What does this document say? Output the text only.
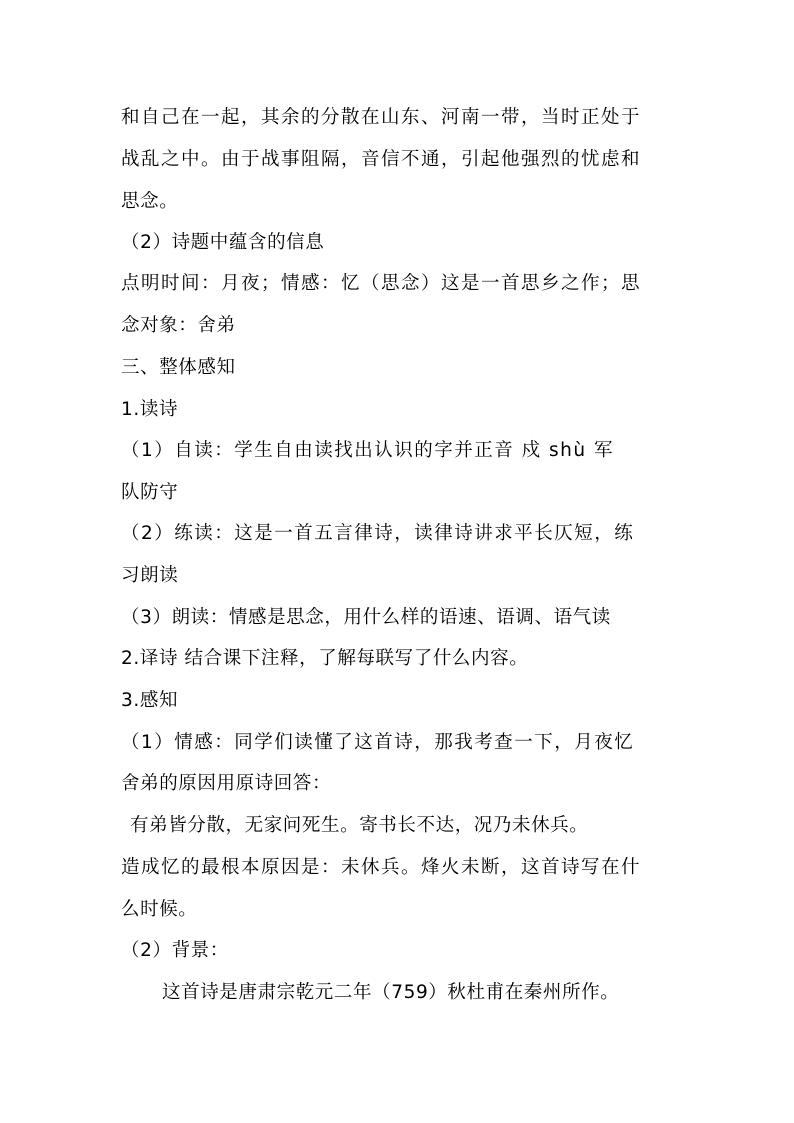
和自己在一起，其余的分散在山东、河南一带，当时正处于
战乱之中。由于战事阻隔，音信不通，引起他强烈的忧虑和
思念。
（2）诗题中蕴含的信息
点明时间：月夜；情感：忆（思念）这是一首思乡之作；思
念对象：舍弟
三、整体感知
1.读诗
（1）自读：学生自由读找出认识的字并正音 戍 shù 军
队防守
（2）练读：这是一首五言律诗，读律诗讲求平长仄短，练
习朗读
（3）朗读：情感是思念，用什么样的语速、语调、语气读
2.译诗 结合课下注释，了解每联写了什么内容。
3.感知
（1）情感：同学们读懂了这首诗，那我考查一下，月夜忆
舍弟的原因用原诗回答：
有弟皆分散，无家问死生。寄书长不达，况乃未休兵。
造成忆的最根本原因是：未休兵。烽火未断，这首诗写在什
么时候。
（2）背景：
这首诗是唐肃宗乾元二年（759）秋杜甫在秦州所作。
